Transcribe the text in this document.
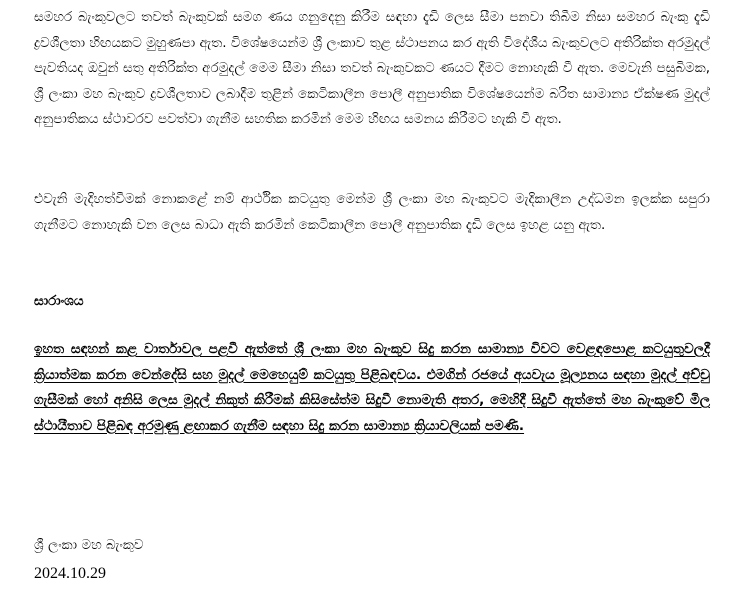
සමහර බැංකුවලට තවත් බැංකුවක් සමග ණය ගනුදෙනු කිරීම සඳහා දැඩි ලෙස සීමා පනවා තිබීම නිසා සමහර බැංකු දැඩි ද්‍රවශීලතා හිඟයකට මුහුණපා ඇත. විශේෂයෙන්ම ශ්‍රී ලංකාව තුළ ස්ථාපනය කර ඇති විදේශීය බැංකුවලට අතිරික්ත අරමුදල් පැවතියද ඔවුන් සතු අතිරික්ත අරමුදල් මෙම සීමා නිසා තවත් බැංකුවකට ණයට දීමට නොහැකි වී ඇත. මෙවැනි පසුබිමක, ශ්‍රී ලංකා මහ බැංකුව ද්‍රවශීලතාව ලබාදීම තුළින් කෙටිකාලීන පොලී අනුපාතික විශේෂයෙන්ම බරිත සාමාන්‍ය ඒක්ෂණ මුදල් අනුපාතිකය ස්ථාවරව පවත්වා ගැනීම සහතික කරමින් මෙම හිඟය සමනය කිරීමට හැකි වී ඇත.

එවැනි මැදිහත්වීමක් නොකළේ නම් ආර්ථික කටයුතු මෙන්ම ශ්‍රී ලංකා මහ බැංකුවට මැදිකාලීන උද්ධමන ඉලක්ක සපුරා ගැනීමට නොහැකි වන ලෙස බාධා ඇති කරමින් කෙටිකාලීන පොලී අනුපාතික දැඩි ලෙස ඉහළ යනු ඇත.

සාරාංශය

ඉහත සඳහන් කළ වාර්තාවල පළවී ඇත්තේ ශ්‍රී ලංකා මහ බැංකුව සිදු කරන සාමාන්‍ය විවට වෙළඳපොළ කටයුතුවලදී ක්‍රියාත්මක කරන වෙන්දේසි සහ මුදල් මෙහෙයුම් කටයුතු පිළිබඳවය. එමගින් රජයේ අයවැය මූල්‍යනය සඳහා මුදල් අච්චු ගැසීමක් හෝ අනිසි ලෙස මුදල් නිකුත් කිරීමක් කිසිසේත්ම සිදුවී නොමැති අතර, මෙහිදී සිදුවී ඇත්තේ මහ බැංකුවේ මිල ස්ථායීතාව පිළිබඳ අරමුණු ළඟාකර ගැනීම සඳහා සිදු කරන සාමාන්‍ය ක්‍රියාවලියක් පමණි.

ශ්‍රී ලංකා මහ බැංකුව

2024.10.29
